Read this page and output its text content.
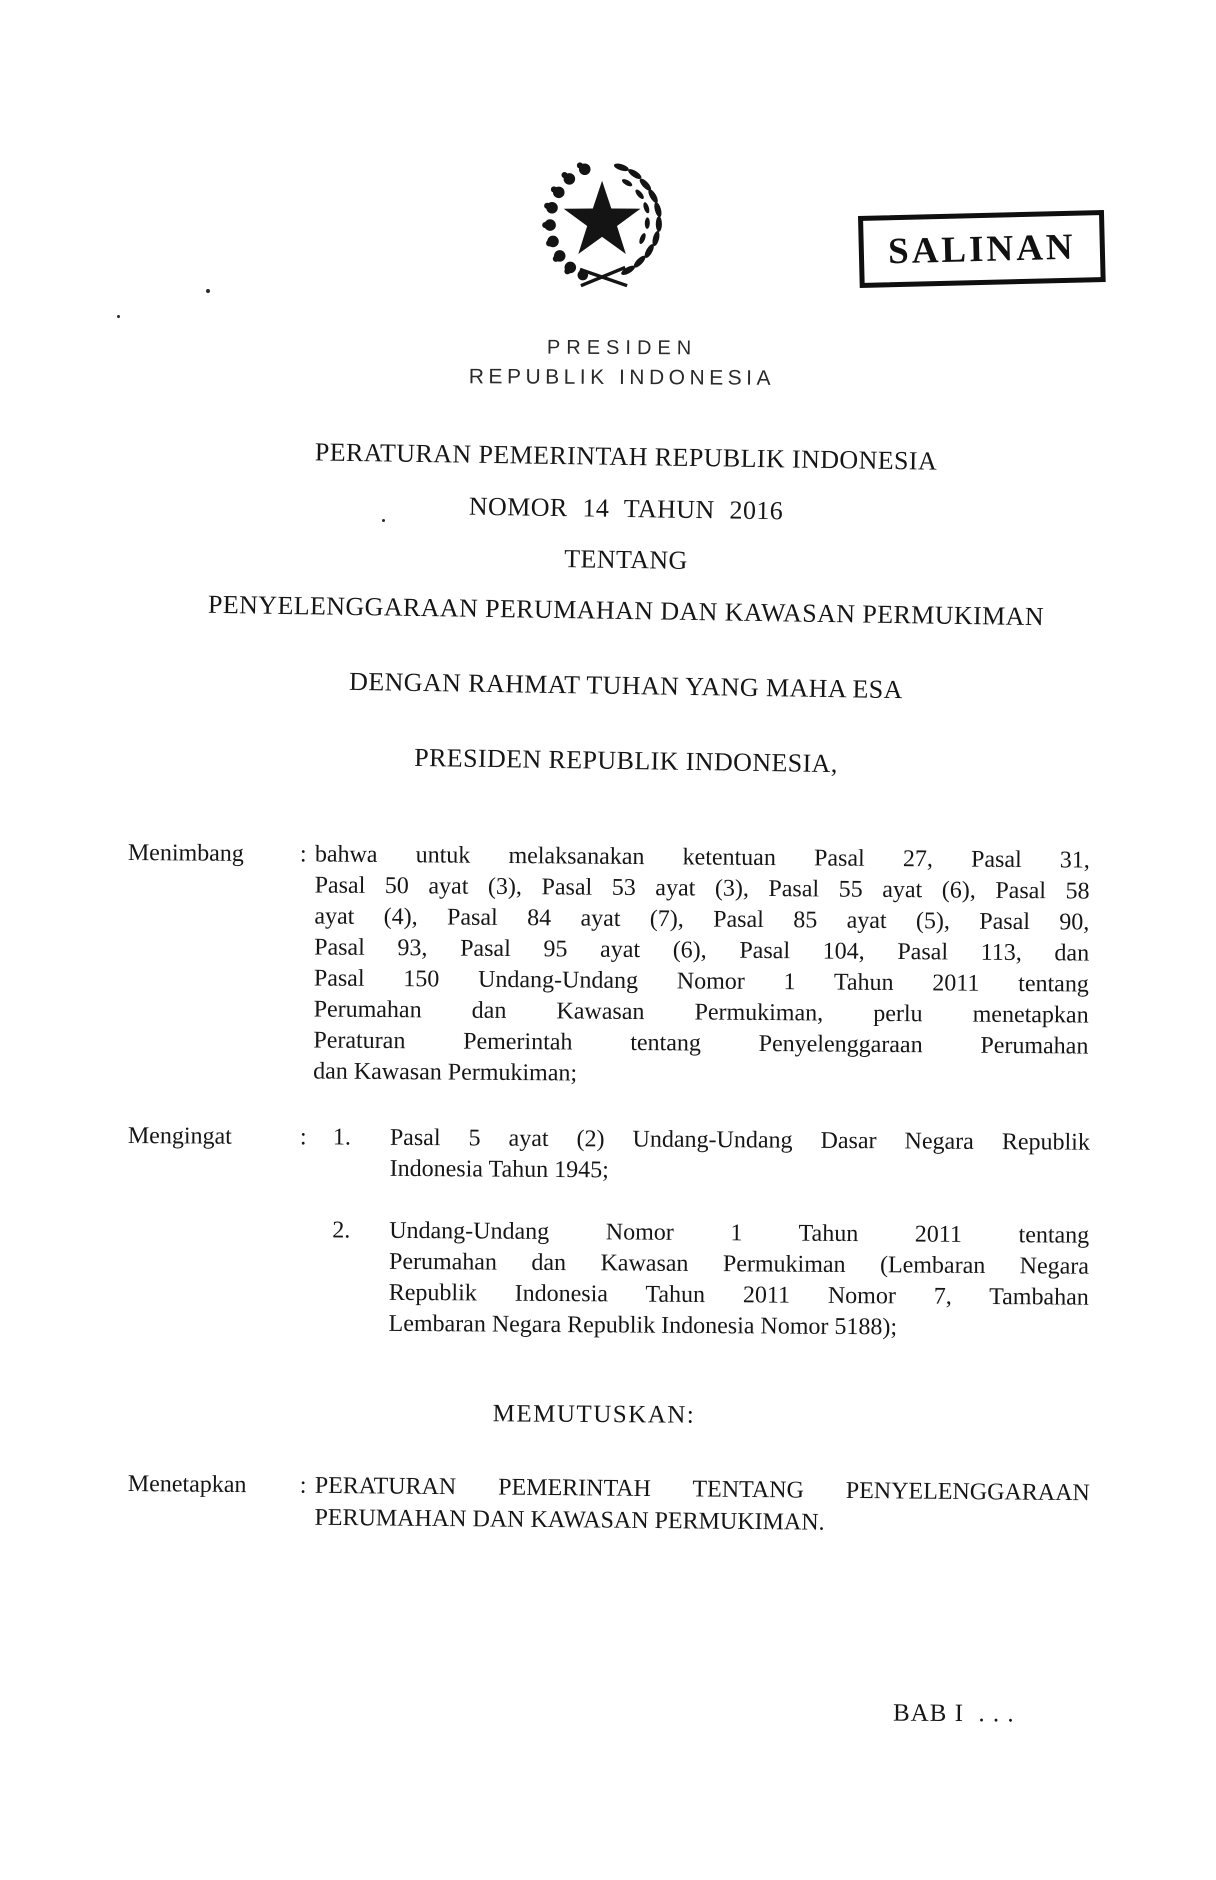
SALINAN
PRESIDEN
REPUBLIK INDONESIA
PERATURAN PEMERINTAH REPUBLIK INDONESIA
NOMOR 14 TAHUN 2016
TENTANG
PENYELENGGARAAN PERUMAHAN DAN KAWASAN PERMUKIMAN
DENGAN RAHMAT TUHAN YANG MAHA ESA
PRESIDEN REPUBLIK INDONESIA,
Menimbang : bahwa untuk melaksanakan ketentuan Pasal 27, Pasal 31,
Pasal 50 ayat (3), Pasal 53 ayat (3), Pasal 55 ayat (6), Pasal 58
ayat (4), Pasal 84 ayat (7), Pasal 85 ayat (5), Pasal 90,
Pasal 93, Pasal 95 ayat (6), Pasal 104, Pasal 113, dan
Pasal 150 Undang-Undang Nomor 1 Tahun 2011 tentang
Perumahan dan Kawasan Permukiman, perlu menetapkan
Peraturan Pemerintah tentang Penyelenggaraan Perumahan
dan Kawasan Permukiman;
Mengingat	: 1. Pasal 5 ayat (2) Undang-Undang Dasar Negara Republik
Indonesia Tahun 1945;
2. Undang-Undang Nomor 1 Tahun 2011 tentang
Perumahan dan Kawasan Permukiman (Lembaran Negara
Republik Indonesia Tahun 2011 Nomor 7, Tambahan
Lembaran Negara Republik Indonesia Nomor 5188);
MEMUTUSKAN:
Menetapkan : PERATURAN PEMERINTAH TENTANG PENYELENGGARAAN
PERUMAHAN DAN KAWASAN PERMUKIMAN.
BAB I  . . .
